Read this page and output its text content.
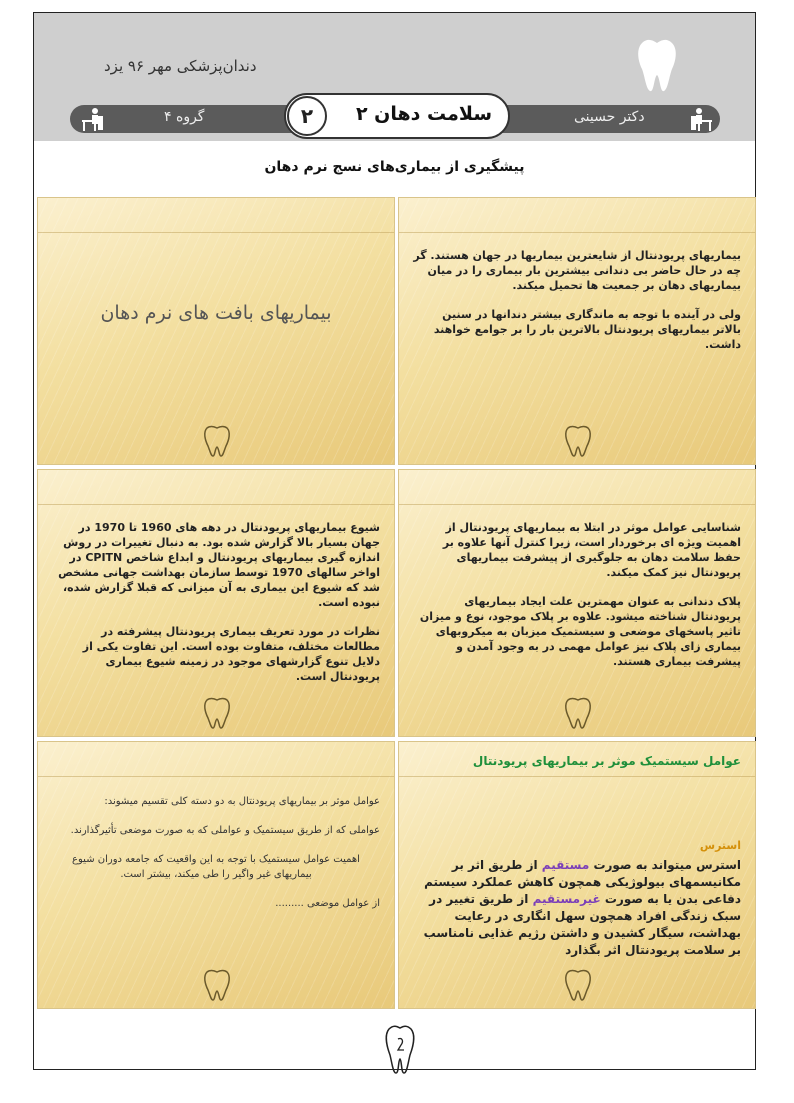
دندان‌پزشکی مهر ۹۶ یزد
گروه ۴	دکتر حسینی
سلامت دهان ۲
۲
پیشگیری از بیماری‌های نسج نرم دهان

بیماریهای پریودنتال از شایعترین بیماریها در جهان هستند. گر چه در حال حاضر بی دندانی بیشترین بار بیماری را در میان بیماریهای دهان بر جمعیت ها تحمیل میکند.

ولی در آینده با توجه به ماندگاری بیشتر دندانها در سنین بالاتر بیماریهای پریودنتال بالاترین بار را بر جوامع خواهند داشت.

بیماریهای بافت های نرم دهان

شناسایی عوامل موثر در ابتلا به بیماریهای پریودنتال از اهمیت ویژه ای برخوردار است، زیرا کنترل آنها علاوه بر حفظ سلامت دهان به جلوگیری از پیشرفت بیماریهای پریودنتال نیز کمک میکند.

پلاک دندانی به عنوان مهمترین علت ایجاد بیماریهای پریودنتال شناخته میشود. علاوه بر پلاک موجود، نوع و میزان تاثیر پاسخهای موضعی و سیستمیک میزبان به میکروبهای بیماری زای پلاک نیز عوامل مهمی در به وجود آمدن و پیشرفت بیماری هستند.

شیوع بیماریهای پریودنتال در دهه های 1960 تا 1970 در جهان بسیار بالا گزارش شده بود. به دنبال تغییرات در روش اندازه گیری بیماریهای پریودنتال و ابداع شاخص CPITN در اواخر سالهای 1970 توسط سازمان بهداشت جهانی مشخص شد که شیوع این بیماری به آن میزانی که قبلا گزارش شده، نبوده است.

نظرات در مورد تعریف بیماری پریودنتال پیشرفته در مطالعات مختلف، متفاوت بوده است. این تفاوت یکی از دلایل تنوع گزارشهای موجود در زمینه شیوع بیماری پریودنتال است.

عوامل سیستمیک موثر بر بیماریهای پریودنتال

استرس

استرس میتواند به صورت مستقیم از طریق اثر بر مکانیسمهای بیولوژیکی همچون کاهش عملکرد سیستم دفاعی بدن یا به صورت غیرمستقیم از طریق تغییر در سبک زندگی افراد همچون سهل انگاری در رعایت بهداشت، سیگار کشیدن و داشتن رژیم غذایی نامناسب بر سلامت پریودنتال اثر بگذارد

عوامل موثر بر بیماریهای پریودنتال به دو دسته کلی تقسیم میشوند:

عواملی که از طریق سیستمیک و عواملی که به صورت موضعی تأثیرگذارند.

اهمیت عوامل سیستمیک با توجه به این واقعیت که جامعه دوران شیوع بیماریهای غیر واگیر را طی میکند، بیشتر است.

از عوامل موضعی .........
